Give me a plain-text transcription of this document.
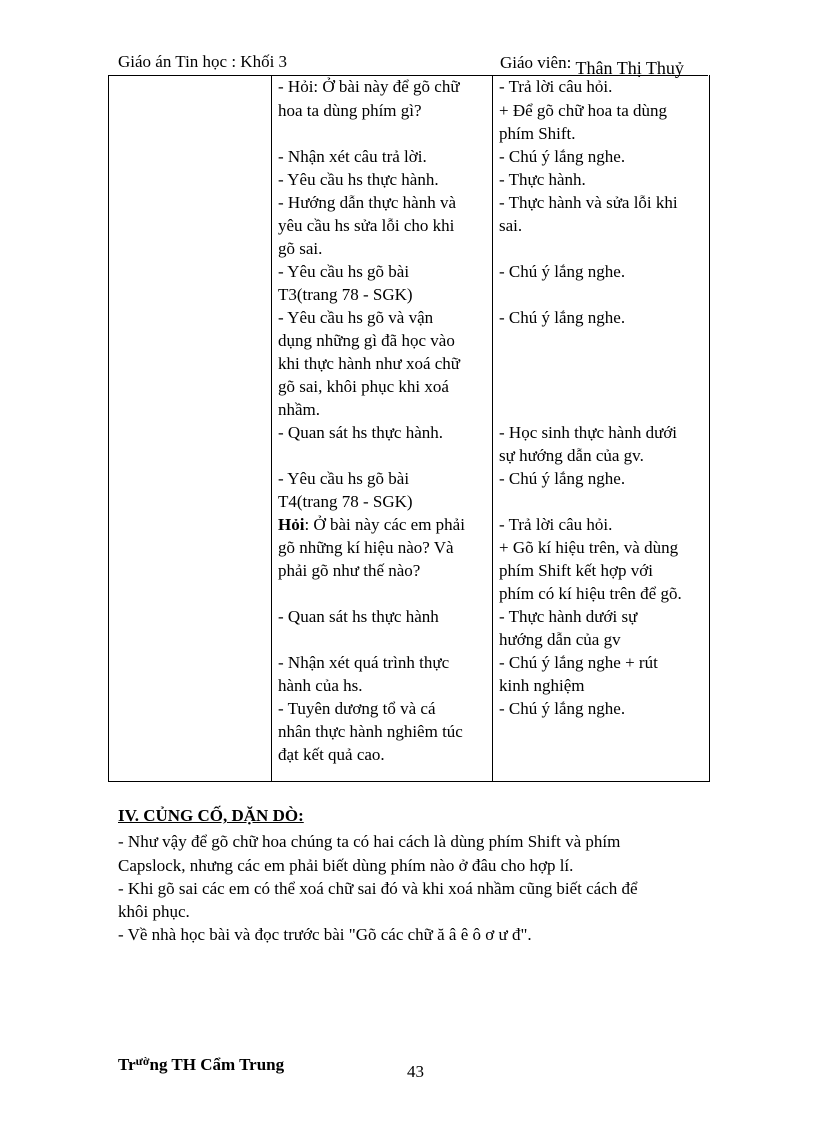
Giáo án Tin học : Khối 3	Giáo viên: Thân Thị Thuỷ
- Hỏi: Ở bài này để gõ chữ
hoa ta dùng phím gì?
- Nhận xét câu trả lời.
- Yêu cầu hs thực hành.
- Hướng dẫn thực hành và
yêu cầu hs sửa lỗi cho khi
gõ sai.
- Yêu cầu hs gõ bài
T3(trang 78 - SGK)
- Yêu cầu hs gõ và vận
dụng những gì đã học vào
khi thực hành như xoá chữ
gõ sai, khôi phục khi xoá
nhầm.
- Quan sát hs thực hành.
- Yêu cầu hs gõ bài
T4(trang 78 - SGK)
Hỏi: Ở bài này các em phải
gõ những kí hiệu nào? Và
phải gõ như thế nào?
- Quan sát hs thực hành
- Nhận xét quá trình thực
hành của hs.
- Tuyên dương tổ và cá
nhân thực hành nghiêm túc
đạt kết quả cao.
- Trả lời câu hỏi.
+ Để gõ chữ hoa ta dùng
phím Shift.
- Chú ý lắng nghe.
- Thực hành.
- Thực hành và sửa lỗi khi
sai.
- Chú ý lắng nghe.
- Chú ý lắng nghe.
- Học sinh thực hành dưới
sự hướng dẫn của gv.
- Chú ý lắng nghe.
- Trả lời câu hỏi.
+ Gõ kí hiệu trên, và dùng
phím Shift kết hợp với
phím có kí hiệu trên để gõ.
- Thực hành dưới sự
hướng dẫn của gv
- Chú ý lắng nghe + rút
kinh nghiệm
- Chú ý lắng nghe.
IV. CỦNG CỐ, DẶN DÒ:
- Như vậy để gõ chữ hoa chúng ta có hai cách là dùng phím Shift và phím
Capslock, nhưng các em phải biết dùng phím nào ở đâu cho hợp lí.
- Khi gõ sai các em có thể xoá chữ sai đó và khi xoá nhầm cũng biết cách để
khôi phục.
- Về nhà học bài và đọc trước bài "Gõ các chữ ă â ê ô ơ ư đ".
$Tr^{ườ}ng$ TH Cẩm Trung	43
